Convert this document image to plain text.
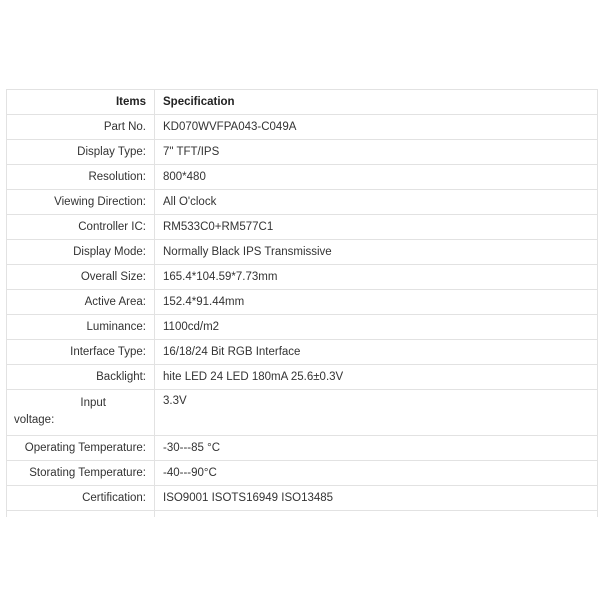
Items	Specification
Part No.	KD070WVFPA043-C049A
Display Type:	7" TFT/IPS
Resolution:	800*480
Viewing Direction:	All O'clock
Controller IC:	RM533C0+RM577C1
Display Mode:	Normally Black IPS Transmissive
Overall Size:	165.4*104.59*7.73mm
Active Area:	152.4*91.44mm
Luminance:	1100cd/m2
Interface Type:	16/18/24 Bit RGB Interface
Backlight:	hite LED 24 LED 180mA 25.6±0.3V

Input
voltage:	3.3V
Operating Temperature:	-30---85 °C
Storating Temperature:	-40---90°C
Certification:	ISO9001 ISOTS16949 ISO13485
